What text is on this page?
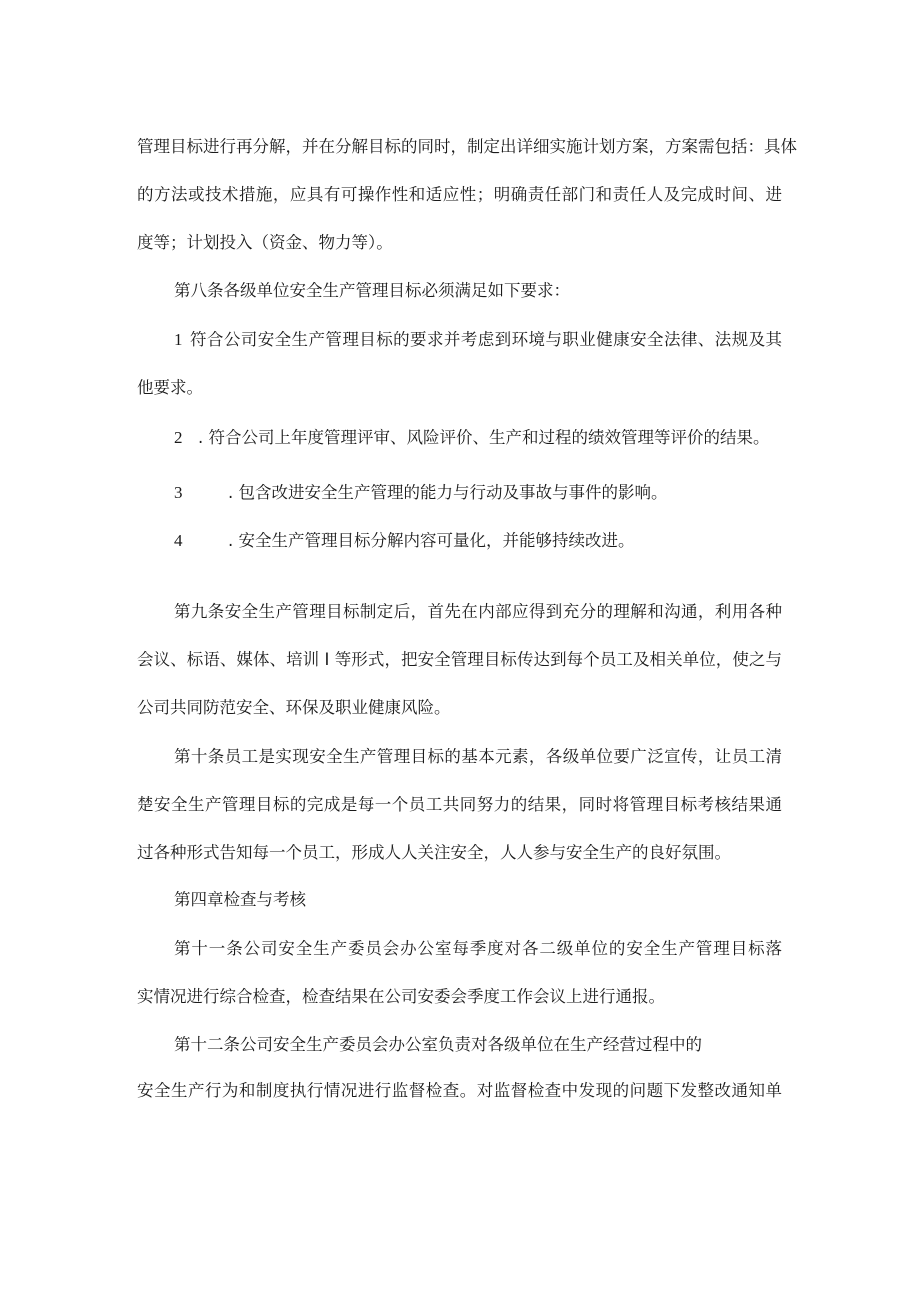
管理目标进行再分解，并在分解目标的同时，制定出详细实施计划方案，方案需包括：具体

的方法或技术措施，应具有可操作性和适应性；明确责任部门和责任人及完成时间、进

度等；计划投入（资金、物力等）。

第八条各级单位安全生产管理目标必须满足如下要求：

1 符合公司安全生产管理目标的要求并考虑到环境与职业健康安全法律、法规及其

他要求。

2 . 符合公司上年度管理评审、风险评价、生产和过程的绩效管理等评价的结果。

3	. 包含改进安全生产管理的能力与行动及事故与事件的影响。

4	. 安全生产管理目标分解内容可量化，并能够持续改进。

第九条安全生产管理目标制定后，首先在内部应得到充分的理解和沟通，利用各种

会议、标语、媒体、培训 I 等形式，把安全管理目标传达到每个员工及相关单位，使之与

公司共同防范安全、环保及职业健康风险。

第十条员工是实现安全生产管理目标的基本元素，各级单位要广泛宣传，让员工清

楚安全生产管理目标的完成是每一个员工共同努力的结果，同时将管理目标考核结果通

过各种形式告知每一个员工，形成人人关注安全，人人参与安全生产的良好氛围。

第四章检查与考核

第十一条公司安全生产委员会办公室每季度对各二级单位的安全生产管理目标落

实情况进行综合检查，检查结果在公司安委会季度工作会议上进行通报。

第十二条公司安全生产委员会办公室负责对各级单位在生产经营过程中的

安全生产行为和制度执行情况进行监督检查。对监督检查中发现的问题下发整改通知单
